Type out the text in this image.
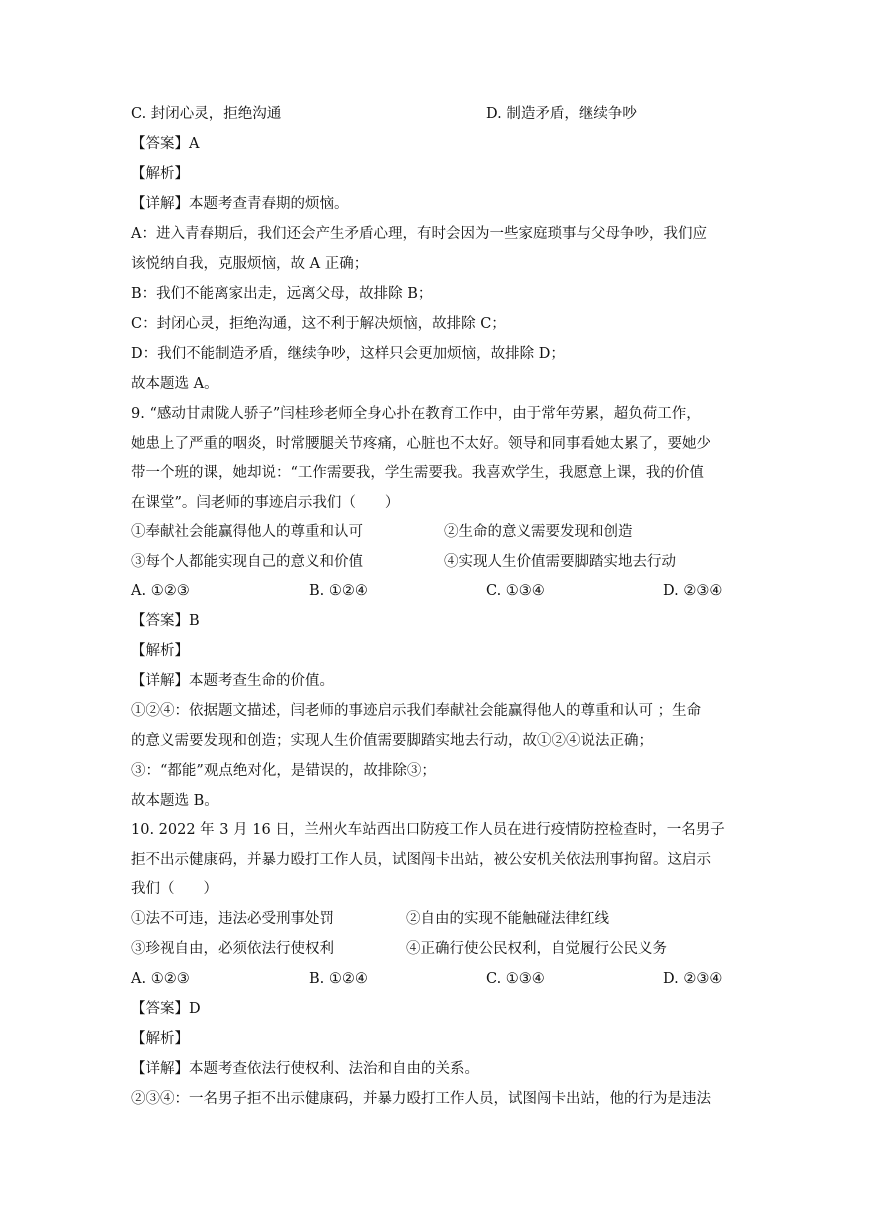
C. 封闭心灵，拒绝沟通	D. 制造矛盾，继续争吵
【答案】A
【解析】
【详解】本题考查青春期的烦恼。
A：进入青春期后，我们还会产生矛盾心理，有时会因为一些家庭琐事与父母争吵，我们应
该悦纳自我，克服烦恼，故 A 正确；
B：我们不能离家出走，远离父母，故排除 B；
C：封闭心灵，拒绝沟通，这不利于解决烦恼，故排除 C；
D：我们不能制造矛盾，继续争吵，这样只会更加烦恼，故排除 D；
故本题选 A。
9. “感动甘肃陇人骄子”闫桂珍老师全身心扑在教育工作中，由于常年劳累，超负荷工作，
她患上了严重的咽炎，时常腰腿关节疼痛，心脏也不太好。领导和同事看她太累了，要她少
带一个班的课，她却说：“工作需要我，学生需要我。我喜欢学生，我愿意上课，我的价值
在课堂”。闫老师的事迹启示我们（　　）
①奉献社会能赢得他人的尊重和认可	②生命的意义需要发现和创造
③每个人都能实现自己的意义和价值	④实现人生价值需要脚踏实地去行动
A. ①②③	B. ①②④	C. ①③④	D. ②③④
【答案】B
【解析】
【详解】本题考查生命的价值。
①②④：依据题文描述，闫老师的事迹启示我们奉献社会能赢得他人的尊重和认可 ；生命
的意义需要发现和创造；实现人生价值需要脚踏实地去行动，故①②④说法正确；
③：“都能”观点绝对化，是错误的，故排除③；
故本题选 B。
10. 2022 年 3 月 16 日，兰州火车站西出口防疫工作人员在进行疫情防控检查时，一名男子
拒不出示健康码，并暴力殴打工作人员，试图闯卡出站，被公安机关依法刑事拘留。这启示
我们（　　）
①法不可违，违法必受刑事处罚	②自由的实现不能触碰法律红线
③珍视自由，必须依法行使权利	④正确行使公民权利，自觉履行公民义务
A. ①②③	B. ①②④	C. ①③④	D. ②③④
【答案】D
【解析】
【详解】本题考查依法行使权利、法治和自由的关系。
②③④：一名男子拒不出示健康码，并暴力殴打工作人员，试图闯卡出站，他的行为是违法
